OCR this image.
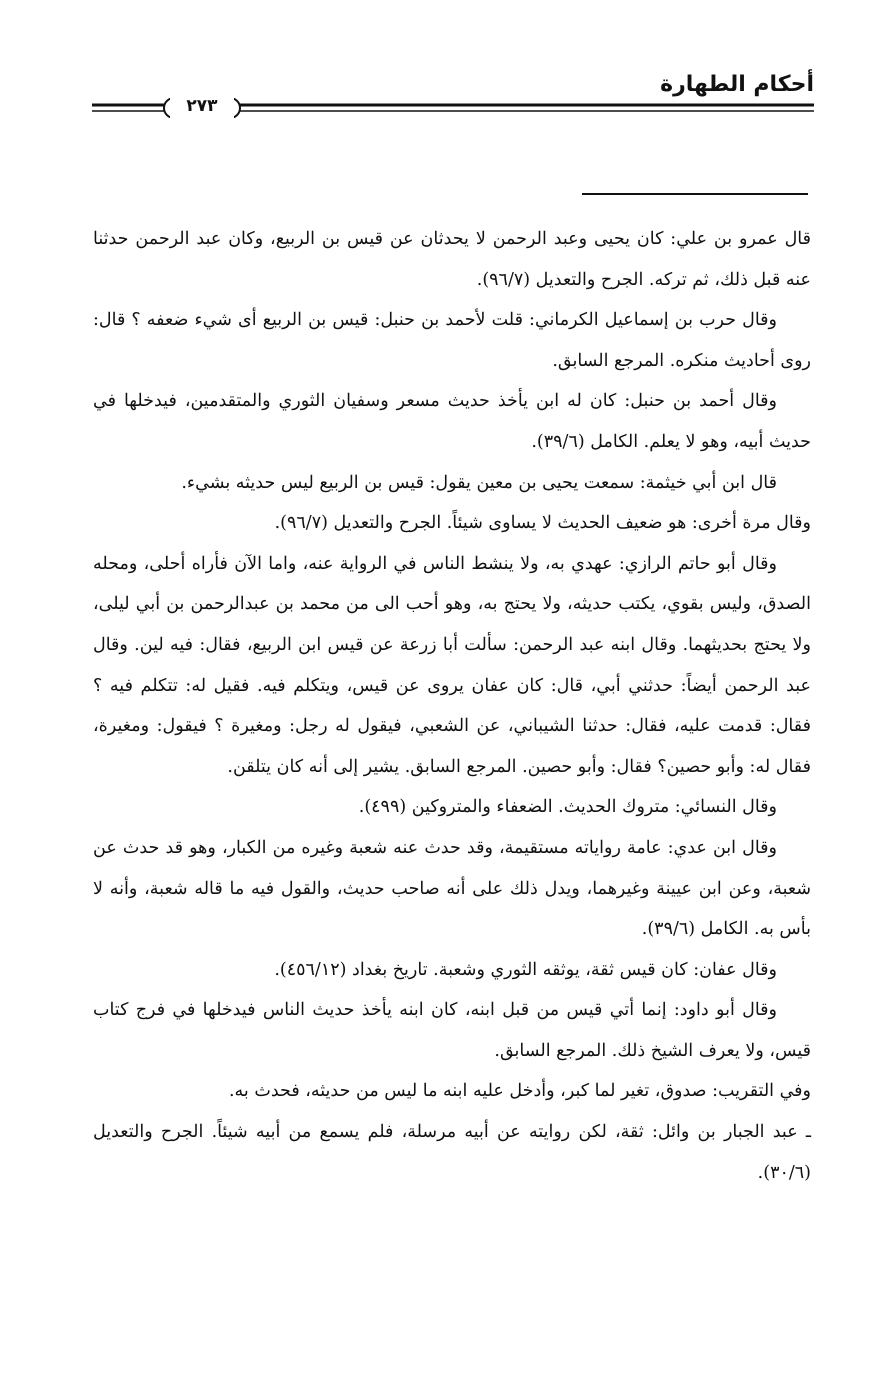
أحكام الطهارة
٢٧٣

قال عمرو بن علي: كان يحيى وعبد الرحمن لا يحدثان عن قيس بن الربيع، وكان عبد الرحمن حدثنا عنه قبل ذلك، ثم تركه. الجرح والتعديل (٩٦/٧).

وقال حرب بن إسماعيل الكرماني: قلت لأحمد بن حنبل: قيس بن الربيع أى شيء ضعفه ؟ قال: روى أحاديث منكره. المرجع السابق.

وقال أحمد بن حنبل: كان له ابن يأخذ حديث مسعر وسفيان الثوري والمتقدمين، فيدخلها في حديث أبيه، وهو لا يعلم. الكامل (٣٩/٦).

قال ابن أبي خيثمة: سمعت يحيى بن معين يقول: قيس بن الربيع ليس حديثه بشيء.

وقال مرة أخرى: هو ضعيف الحديث لا يساوى شيئاً. الجرح والتعديل (٩٦/٧).

وقال أبو حاتم الرازي: عهدي به، ولا ينشط الناس في الرواية عنه، واما الآن فأراه أحلى، ومحله الصدق، وليس بقوي، يكتب حديثه، ولا يحتج به، وهو أحب الى من محمد بن عبدالرحمن بن أبي ليلى، ولا يحتج بحديثهما. وقال ابنه عبد الرحمن: سألت أبا زرعة عن قيس ابن الربيع، فقال: فيه لين. وقال عبد الرحمن أيضاً: حدثني أبي، قال: كان عفان يروى عن قيس، ويتكلم فيه. فقيل له: تتكلم فيه ؟ فقال: قدمت عليه، فقال: حدثنا الشيباني، عن الشعبي، فيقول له رجل: ومغيرة ؟ فيقول: ومغيرة، فقال له: وأبو حصين؟ فقال: وأبو حصين. المرجع السابق. يشير إلى أنه كان يتلقن.

وقال النسائي: متروك الحديث. الضعفاء والمتروكين (٤٩٩).

وقال ابن عدي: عامة رواياته مستقيمة، وقد حدث عنه شعبة وغيره من الكبار، وهو قد حدث عن شعبة، وعن ابن عيينة وغيرهما، ويدل ذلك على أنه صاحب حديث، والقول فيه ما قاله شعبة، وأنه لا بأس به. الكامل (٣٩/٦).

وقال عفان: كان قيس ثقة، يوثقه الثوري وشعبة. تاريخ بغداد (٤٥٦/١٢).

وقال أبو داود: إنما أتي قيس من قبل ابنه، كان ابنه يأخذ حديث الناس فيدخلها في فرج كتاب قيس، ولا يعرف الشيخ ذلك. المرجع السابق.

وفي التقريب: صدوق، تغير لما كبر، وأدخل عليه ابنه ما ليس من حديثه، فحدث به.

ـ عبد الجبار بن وائل: ثقة، لكن روايته عن أبيه مرسلة، فلم يسمع من أبيه شيئاً. الجرح والتعديل (٣٠/٦).
